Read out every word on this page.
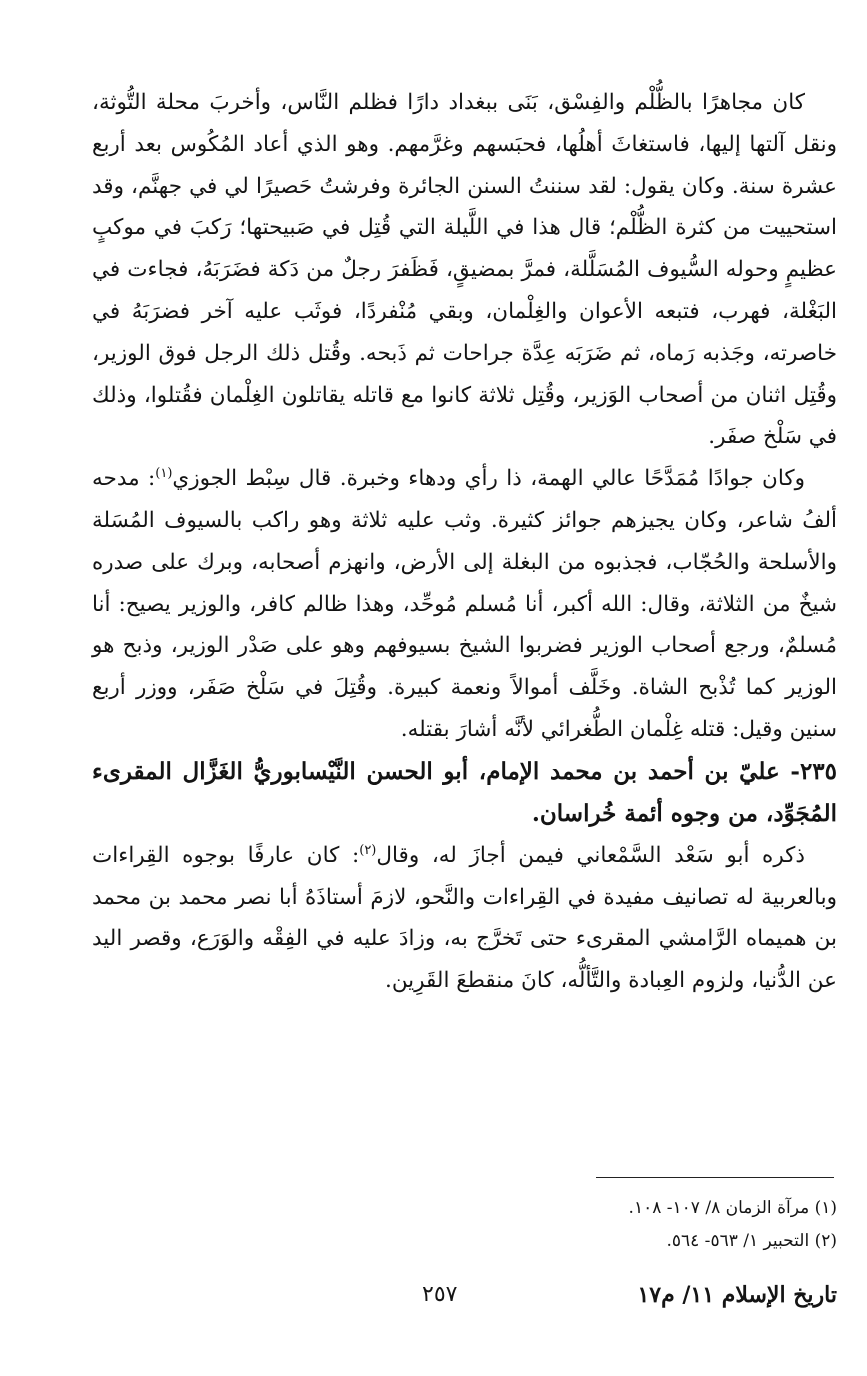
كان مجاهرًا بالظُّلْم والفِسْق، بَنَى ببغداد دارًا فظلم النَّاس، وأخربَ محلة التُّوثة، ونقل آلتها إليها، فاستغاثَ أهلُها، فحبَسهم وغرَّمهم. وهو الذي أعاد المُكُوس بعد أربع عشرة سنة. وكان يقول: لقد سننتُ السنن الجائرة وفرشتُ حَصيرًا لي في جهنَّم، وقد استحييت من كثرة الظُّلْم؛ قال هذا في اللَّيلة التي قُتِل في صَبيحتها؛ رَكبَ في موكبٍ عظيمٍ وحوله السُّيوف المُسَلَّلة، فمرَّ بمضيقٍ، فَظَفرَ رجلٌ من دَكة فضَرَبَهُ، فجاءت في البَغْلة، فهرب، فتبعه الأعوان والغِلْمان، وبقي مُنْفردًا، فوثَب عليه آخر فضرَبَهُ في خاصرته، وجَذبه رَماه، ثم ضَرَبَه عِدَّة جراحات ثم ذَبحه. وقُتل ذلك الرجل فوق الوزير، وقُتِل اثنان من أصحاب الوَزير، وقُتِل ثلاثة كانوا مع قاتله يقاتلون الغِلْمان فقُتلوا، وذلك في سَلْخ صفَر.

وكان جوادًا مُمَدَّحًا عالي الهمة، ذا رأي ودهاء وخبرة. قال سِبْط الجوزي$^{(١)}$: مدحه ألفُ شاعر، وكان يجيزهم جوائز كثيرة. وثب عليه ثلاثة وهو راكب بالسيوف المُسَلة والأسلحة والحُجّاب، فجذبوه من البغلة إلى الأرض، وانهزم أصحابه، وبرك على صدره شيخٌ من الثلاثة، وقال: الله أكبر، أنا مُسلم مُوحِّد، وهذا ظالم كافر، والوزير يصيح: أنا مُسلمٌ، ورجع أصحاب الوزير فضربوا الشيخ بسيوفهم وهو على صَدْر الوزير، وذبح هو الوزير كما تُذْبح الشاة. وخَلَّف أموالاً ونعمة كبيرة. وقُتِلَ في سَلْخ صَفَر، ووزر أربع سنين وقيل: قتله غِلْمان الطُّغرائي لأنَّه أشارَ بقتله.

٢٣٥- عليّ بن أحمد بن محمد الإمام، أبو الحسن النَّيْسابوريُّ الغَزَّال المقرىء المُجَوِّد، من وجوه أئمة خُراسان.

ذكره أبو سَعْد السَّمْعاني فيمن أجازَ له، وقال$^{(٢)}$: كان عارفًا بوجوه القِراءات وبالعربية له تصانيف مفيدة في القِراءات والنَّحو، لازمَ أستاذَهُ أبا نصر محمد بن محمد بن هميماه الرَّامشي المقرىء حتى تَخرَّج به، وزادَ عليه في الفِقْه والوَرَع، وقصر اليد عن الدُّنيا، ولزوم العِبادة والتَّألُّه، كانَ منقطعَ القَرِين.

(١) مرآة الزمان ٨/ ١٠٧- ١٠٨.

(٢) التحبير ١/ ٥٦٣- ٥٦٤.

تاريخ الإسلام ١١/ م١٧
٢٥٧
